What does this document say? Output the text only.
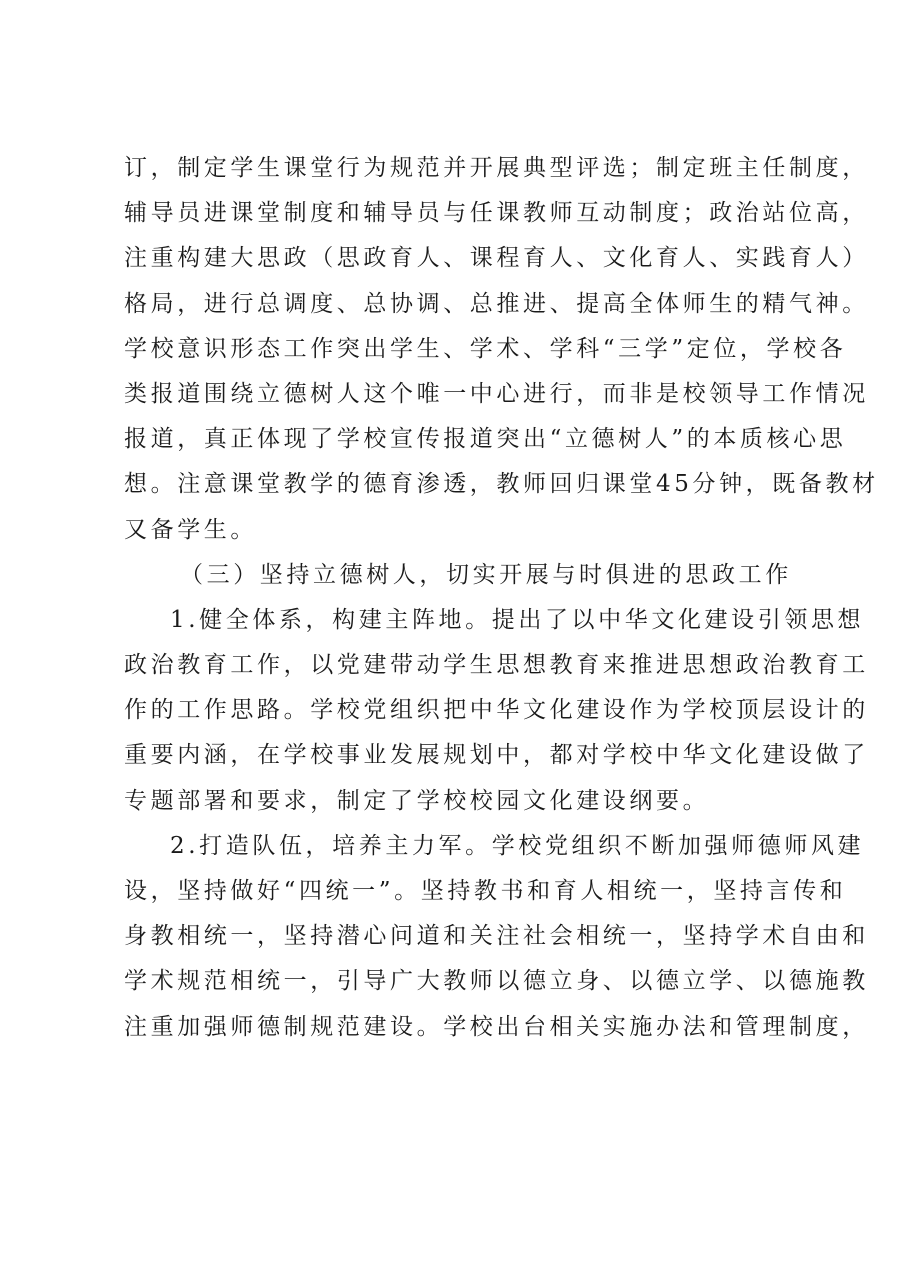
订，制定学生课堂行为规范并开展典型评选；制定班主任制度，
辅导员进课堂制度和辅导员与任课教师互动制度；政治站位高，
注重构建大思政（思政育人、课程育人、文化育人、实践育人）
格局，进行总调度、总协调、总推进、提高全体师生的精气神。
学校意识形态工作突出学生、学术、学科“三学”定位，学校各
类报道围绕立德树人这个唯一中心进行，而非是校领导工作情况
报道，真正体现了学校宣传报道突出“立德树人”的本质核心思
想。注意课堂教学的德育渗透，教师回归课堂45分钟，既备教材
又备学生。
（三）坚持立德树人，切实开展与时俱进的思政工作
1.健全体系，构建主阵地。提出了以中华文化建设引领思想
政治教育工作，以党建带动学生思想教育来推进思想政治教育工
作的工作思路。学校党组织把中华文化建设作为学校顶层设计的
重要内涵，在学校事业发展规划中，都对学校中华文化建设做了
专题部署和要求，制定了学校校园文化建设纲要。
2.打造队伍，培养主力军。学校党组织不断加强师德师风建
设，坚持做好“四统一”。坚持教书和育人相统一，坚持言传和
身教相统一，坚持潜心问道和关注社会相统一，坚持学术自由和
学术规范相统一，引导广大教师以德立身、以德立学、以德施教
注重加强师德制规范建设。学校出台相关实施办法和管理制度，
